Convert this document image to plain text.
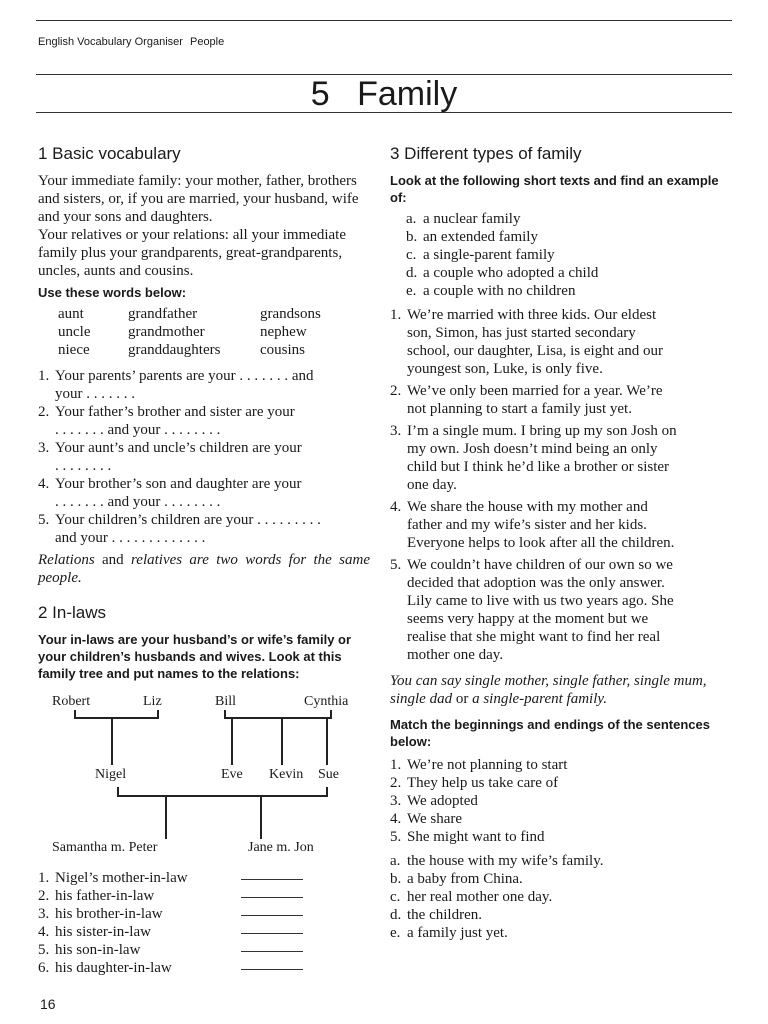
English Vocabulary Organiser People
5 Family
1 Basic vocabulary

Your immediate family: your mother, father, brothers and sisters, or, if you are married, your husband, wife and your sons and daughters.

Your relatives or your relations: all your immediate family plus your grandparents, great-grandparents, uncles, aunts and cousins.

Use these words below:

aunt	grandfather	grandsons
uncle	grandmother	nephew
niece	granddaughters	cousins
1. Your parents’ parents are your . . . . . . . and
your . . . . . . .
2. Your father’s brother and sister are your
. . . . . . . and your . . . . . . . .
3. Your aunt’s and uncle’s children are your
. . . . . . . .
4. Your brother’s son and daughter are your
. . . . . . . and your . . . . . . . .
5. Your children’s children are your . . . . . . . . .
and your . . . . . . . . . . . . .

Relations and relatives are two words for the same people.

2 In-laws

Your in-laws are your husband’s or wife’s family or your children’s husbands and wives. Look at this family tree and put names to the relations:

Robert	Liz	Bill	Cynthia
Nigel	Eve Kevin Sue
Samantha m. Peter	Jane m. Jon
1. Nigel’s mother-in-law
2. his father-in-law
3. his brother-in-law
4. his sister-in-law
5. his son-in-law
6. his daughter-in-law
16
3 Different types of family

Look at the following short texts and find an example of:

a. a nuclear family
b. an extended family
c. a single-parent family
d. a couple who adopted a child
e. a couple with no children
1. We’re married with three kids. Our eldest
son, Simon, has just started secondary
school, our daughter, Lisa, is eight and our
youngest son, Luke, is only five.
2. We’ve only been married for a year. We’re
not planning to start a family just yet.
3. I’m a single mum. I bring up my son Josh on
my own. Josh doesn’t mind being an only
child but I think he’d like a brother or sister
one day.
4. We share the house with my mother and
father and my wife’s sister and her kids.
Everyone helps to look after all the children.
5. We couldn’t have children of our own so we
decided that adoption was the only answer.
Lily came to live with us two years ago. She
seems very happy at the moment but we
realise that she might want to find her real
mother one day.

You can say single mother, single father, single mum, single dad or a single-parent family.

Match the beginnings and endings of the sentences below:

1. We’re not planning to start
2. They help us take care of
3. We adopted
4. We share
5. She might want to find
a. the house with my wife’s family.
b. a baby from China.
c. her real mother one day.
d. the children.
e. a family just yet.
